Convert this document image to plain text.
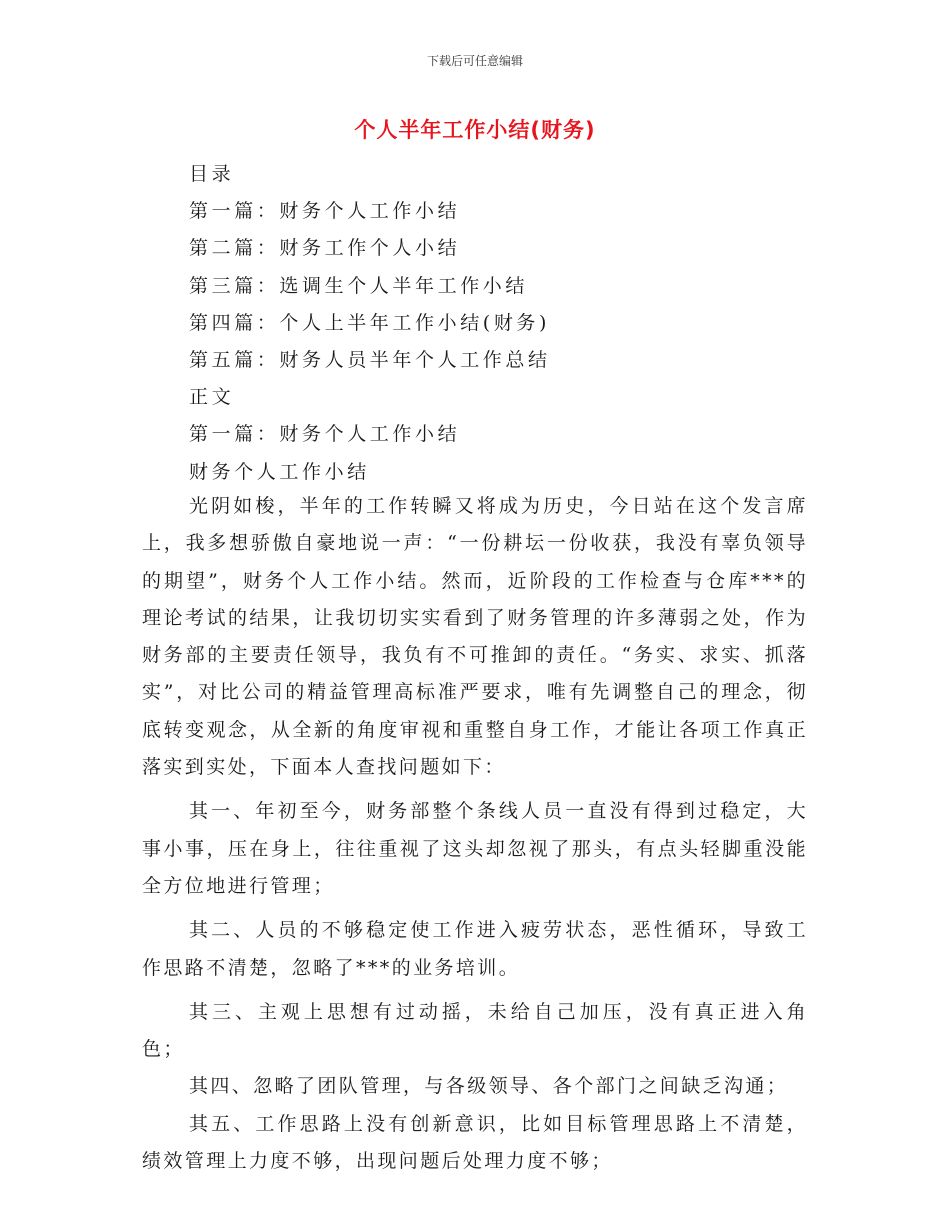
下载后可任意编辑
个人半年工作小结(财务)
目录
第一篇：财务个人工作小结
第二篇：财务工作个人小结
第三篇：选调生个人半年工作小结
第四篇：个人上半年工作小结(财务)
第五篇：财务人员半年个人工作总结
正文
第一篇：财务个人工作小结
财务个人工作小结

光阴如梭，半年的工作转瞬又将成为历史，今日站在这个发言席上，我多想骄傲自豪地说一声：“一份耕坛一份收获，我没有辜负领导的期望”，财务个人工作小结。然而，近阶段的工作检查与仓库***的理论考试的结果，让我切切实实看到了财务管理的许多薄弱之处，作为财务部的主要责任领导，我负有不可推卸的责任。“务实、求实、抓落实”，对比公司的精益管理高标准严要求，唯有先调整自己的理念，彻底转变观念，从全新的角度审视和重整自身工作，才能让各项工作真正落实到实处，下面本人查找问题如下：

其一、年初至今，财务部整个条线人员一直没有得到过稳定，大事小事，压在身上，往往重视了这头却忽视了那头，有点头轻脚重没能全方位地进行管理；

其二、人员的不够稳定使工作进入疲劳状态，恶性循环，导致工作思路不清楚，忽略了***的业务培训。

其三、主观上思想有过动摇，未给自己加压，没有真正进入角色；

其四、忽略了团队管理，与各级领导、各个部门之间缺乏沟通；

其五、工作思路上没有创新意识，比如目标管理思路上不清楚，绩效管理上力度不够，出现问题后处理力度不够；
